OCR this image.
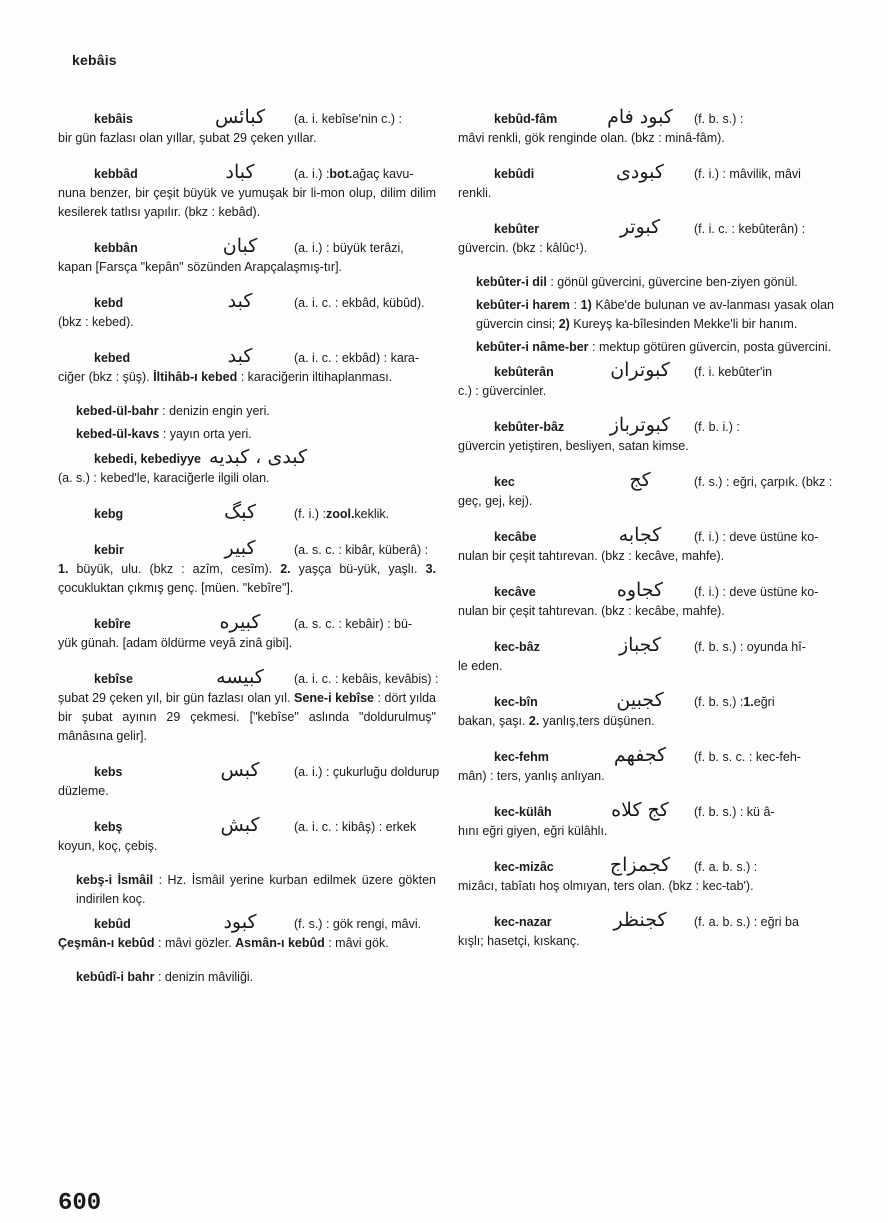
kebâis
kebâis	كبائس	(a. i. kebîse'nin c.) :
bir gün fazlası olan yıllar, şubat 29 çeken yıllar.
kebbâd	كباد	(a. i.) : bot. ağaç kavu-
nuna benzer, bir çeşit büyük ve yumuşak bir li-mon olup, dilim dilim kesilerek tatlısı yapılır. (bkz : kebâd).
kebbân	كبان	(a. i.) : büyük terâzi,
kapan [Farsça "kepân" sözünden Arapçalaşmış-tır].
kebd	كبد	(a. i. c. : ekbâd, kübûd).
(bkz : kebed).
kebed	كبد	(a. i. c. : ekbâd) : kara-
ciğer (bkz : şüş). İltihâb-ı kebed : karaciğerin iltihaplanması.
kebed-ül-bahr : denizin engin yeri.
kebed-ül-kavs : yayın orta yeri.
kebedi, kebediyye كبدى ، كبديه
(a. s.) : kebed'le, karaciğerle ilgili olan.
kebg	كبگ	(f. i.) : zool. keklik.
kebir	كبير	(a. s. c. : kibâr, küberâ) :
1. büyük, ulu. (bkz : azîm, cesîm). 2. yaşça bü-yük, yaşlı. 3. çocukluktan çıkmış genç. [müen. "kebîre"].
kebîre	كبيره	(a. s. c. : kebâir) : bü-
yük günah. [adam öldürme veyâ zinâ gibi].
kebîse	كبيسه	(a. i. c. : kebâis, kevâbis) :
şubat 29 çeken yıl, bir gün fazlası olan yıl. Sene-i kebîse : dört yılda bir şubat ayının 29 çekmesi. ["kebîse" aslında "doldurulmuş" mânâsına gelir].
kebs	كبس	(a. i.) : çukurluğu doldurup
düzleme.
kebş	كبش	(a. i. c. : kibâş) : erkek
koyun, koç, çebiş.
kebş-i İsmâil : Hz. İsmâil yerine kurban edilmek üzere gökten indirilen koç.
kebûd	كبود	(f. s.) : gök rengi, mâvi.
Çeşmân-ı kebûd : mâvi gözler. Asmân-ı kebûd : mâvi gök.
kebûdî-i bahr : denizin mâviliği.
kebûd-fâm	كبود فام	(f. b. s.) :
mâvi renkli, gök renginde olan. (bkz : minâ-fâm).
kebûdi	كبودى	(f. i.) : mâvilik, mâvi
renkli.
kebûter	كبوتر	(f. i. c. : kebûterân) :
güvercin. (bkz : kâlûc¹).
kebûter-i dil : gönül güvercini, güvercine ben-ziyen gönül.
kebûter-i harem : 1) Kâbe'de bulunan ve av-lanması yasak olan güvercin cinsi; 2) Kureyş ka-bîlesinden Mekke'li bir hanım.
kebûter-i nâme-ber : mektup götüren güvercin, posta güvercini.
kebûterân	كبوتران	(f. i. kebûter'in
c.) : güvercinler.
kebûter-bâz	كبوترباز	(f. b. i.) :
güvercin yetiştiren, besliyen, satan kimse.
kec	كج	(f. s.) : eğri, çarpık. (bkz :
geç, gej, kej).
kecâbe	كجابه	(f. i.) : deve üstüne ko-
nulan bir çeşit tahtırevan. (bkz : kecâve, mahfe).
kecâve	كجاوه	(f. i.) : deve üstüne ko-
nulan bir çeşit tahtırevan. (bkz : kecâbe, mahfe).
kec-bâz	كجباز	(f. b. s.) : oyunda hî-
le eden.
kec-bîn	كجبين	(f. b. s.) : 1. eğri
bakan, şaşı. 2. yanlış,ters düşünen.
kec-fehm	كجفهم	(f. b. s. c. : kec-feh-
mân) : ters, yanlış anlıyan.
kec-külâh	كج كلاه	(f. b. s.) : kü â-
hını eğri giyen, eğri külâhlı.
kec-mizâc	كجمزاج	(f. a. b. s.) :
mizâcı, tabîatı hoş olmıyan, ters olan. (bkz : kec-tab').
kec-nazar	كجنظر	(f. a. b. s.) : eğri ba
kışlı; hasetçi, kıskanç.
600
